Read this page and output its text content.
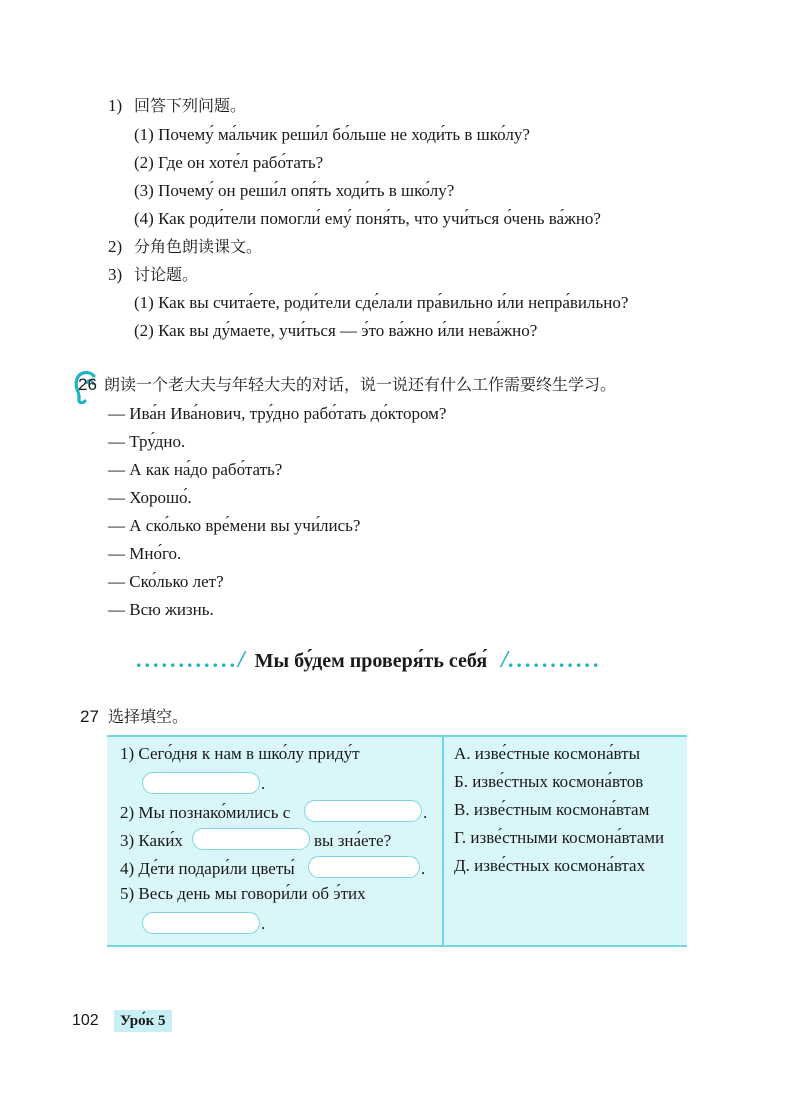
1) 回答下列问题。
(1) Почему́ ма́льчик реши́л бо́льше не ходи́ть в шко́лу?
(2) Где он хоте́л рабо́тать?
(3) Почему́ он реши́л опя́ть ходи́ть в шко́лу?
(4) Как роди́тели помогли́ ему́ поня́ть, что учи́ться о́чень ва́жно?
2) 分角色朗读课文。
3) 讨论题。
(1) Как вы счита́ете, роди́тели сде́лали пра́вильно и́ли непра́вильно?
(2) Как вы ду́маете, учи́ться — э́то ва́жно и́ли нева́жно?
26 朗读一个老大夫与年轻大夫的对话，说一说还有什么工作需要终生学习。
— Ива́н Ива́нович, тру́дно рабо́тать до́ктором?
— Тру́дно.
— А как на́до рабо́тать?
— Хорошо́.
— А ско́лько вре́мени вы учи́лись?
— Мно́го.
— Ско́лько лет?
— Всю жизнь.
............/ Мы бу́дем проверя́ть себя́ /...........
27 选择填空。
1) Сего́дня к нам в шко́лу приду́т
.
2) Мы познако́мились с	.
3) Каки́х	вы зна́ете?
4) Де́ти подари́ли цветы́	.
5) Весь день мы говори́ли об э́тих
.
А. изве́стные космона́вты
Б. изве́стных космона́втов
В. изве́стным космона́втам
Г. изве́стными космона́втами
Д. изве́стных космона́втах
102	Уро́к 5
